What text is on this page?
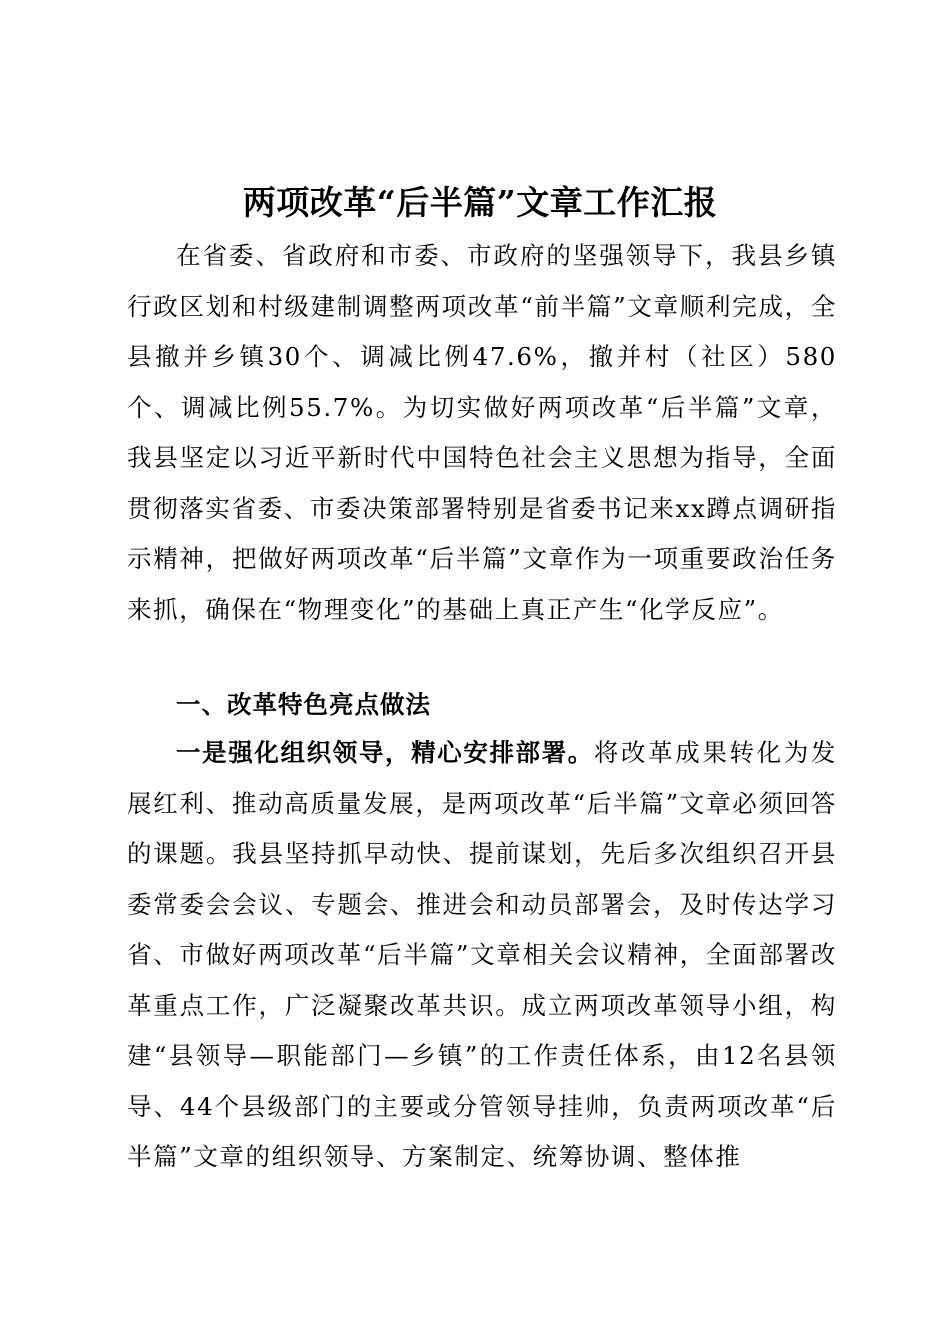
两项改革“后半篇”文章工作汇报

在省委、省政府和市委、市政府的坚强领导下，我县乡镇行政区划和村级建制调整两项改革“前半篇”文章顺利完成，全县撤并乡镇30个、调减比例47.6%，撤并村（社区）580个、调减比例55.7%。为切实做好两项改革“后半篇”文章，我县坚定以习近平新时代中国特色社会主义思想为指导，全面贯彻落实省委、市委决策部署特别是省委书记来xx蹲点调研指示精神，把做好两项改革“后半篇”文章作为一项重要政治任务来抓，确保在“物理变化”的基础上真正产生“化学反应”。

一、改革特色亮点做法

一是强化组织领导，精心安排部署。将改革成果转化为发展红利、推动高质量发展，是两项改革“后半篇”文章必须回答的课题。我县坚持抓早动快、提前谋划，先后多次组织召开县委常委会会议、专题会、推进会和动员部署会，及时传达学习省、市做好两项改革“后半篇”文章相关会议精神，全面部署改革重点工作，广泛凝聚改革共识。成立两项改革领导小组，构建“县领导—职能部门—乡镇”的工作责任体系，由12名县领导、44个县级部门的主要或分管领导挂帅，负责两项改革“后半篇”文章的组织领导、方案制定、统筹协调、整体推
